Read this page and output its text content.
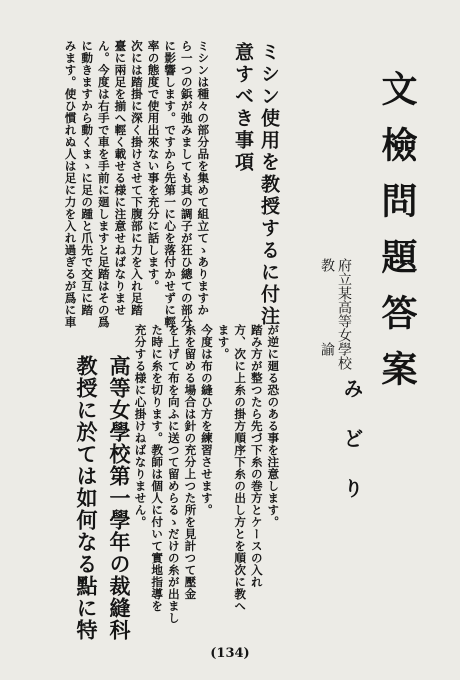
文檢問題答案
府立某高等女學校
教　　　　　諭
みどり
高等女學校第一學年の裁縫科
教授に於ては如何なる點に特
ミシン使用を教授するに付注
意すべき事項
ミシンは種々の部分品を集めて組立てゝありますか
ら一つの鋲が弛みましても其の調子が狂ひ總ての部分
に影響します。ですから先第一に心を落付かせずに輕
率の態度で使用出來ない事を充分に話します。
次には踏掛に深く掛けさせて下腹部に力を入れ足踏
臺に兩足を揃へ輕く載せる様に注意せねばなりませ
ん。今度は右手で車を手前に廻しますと足踏はその爲
に動きますから動くまゝに足の踵と爪先で交互に踏
みます。使ひ慣れぬ人は足に力を入れ過ぎるが爲に車
が逆に廻る恐のある事を注意します。
踏み方が整つたら先づ下糸の巻方とケースの入れ
方、次に上糸の掛方順序下糸の出し方とを順次に教へ
ます。
今度は布の縫ひ方を練習させます。
糸を留める場合は針の充分上つた所を見計つて壓金
を上げて布を向ふに送つて留めらるゝだけの糸が出まし
た時に糸を切ります。教師は個人に付いて實地指導を
充分する様に心掛けねばなりません。
(134)
